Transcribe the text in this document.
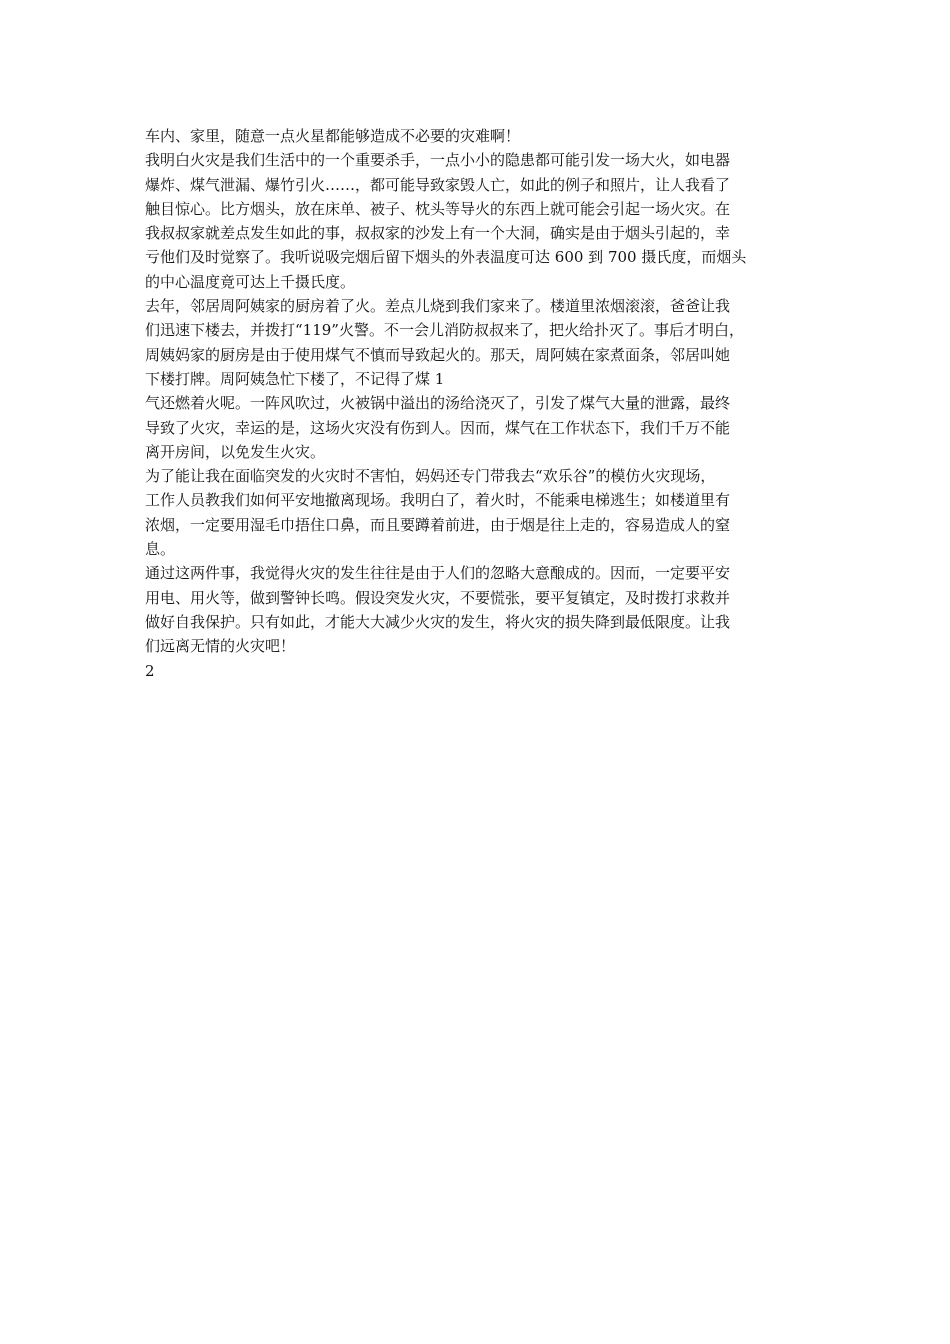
车内、家里，随意一点火星都能够造成不必要的灾难啊！
我明白火灾是我们生活中的一个重要杀手，一点小小的隐患都可能引发一场大火，如电器
爆炸、煤气泄漏、爆竹引火……，都可能导致家毁人亡，如此的例子和照片，让人我看了
触目惊心。比方烟头，放在床单、被子、枕头等导火的东西上就可能会引起一场火灾。在
我叔叔家就差点发生如此的事，叔叔家的沙发上有一个大洞，确实是由于烟头引起的，幸
亏他们及时觉察了。我听说吸完烟后留下烟头的外表温度可达 600 到 700 摄氏度，而烟头
的中心温度竟可达上千摄氏度。
去年，邻居周阿姨家的厨房着了火。差点儿烧到我们家来了。楼道里浓烟滚滚，爸爸让我
们迅速下楼去，并拨打“119”火警。不一会儿消防叔叔来了，把火给扑灭了。事后才明白，
周姨妈家的厨房是由于使用煤气不慎而导致起火的。那天，周阿姨在家煮面条，邻居叫她
下楼打牌。周阿姨急忙下楼了，不记得了煤 1
气还燃着火呢。一阵风吹过，火被锅中溢出的汤给浇灭了，引发了煤气大量的泄露，最终
导致了火灾，幸运的是，这场火灾没有伤到人。因而，煤气在工作状态下，我们千万不能
离开房间，以免发生火灾。
为了能让我在面临突发的火灾时不害怕，妈妈还专门带我去“欢乐谷”的模仿火灾现场，
工作人员教我们如何平安地撤离现场。我明白了，着火时，不能乘电梯逃生；如楼道里有
浓烟，一定要用湿毛巾捂住口鼻，而且要蹲着前进，由于烟是往上走的，容易造成人的窒
息。
通过这两件事，我觉得火灾的发生往往是由于人们的忽略大意酿成的。因而，一定要平安
用电、用火等，做到警钟长鸣。假设突发火灾，不要慌张，要平复镇定，及时拨打求救并
做好自我保护。只有如此，才能大大减少火灾的发生，将火灾的损失降到最低限度。让我
们远离无情的火灾吧！
2
